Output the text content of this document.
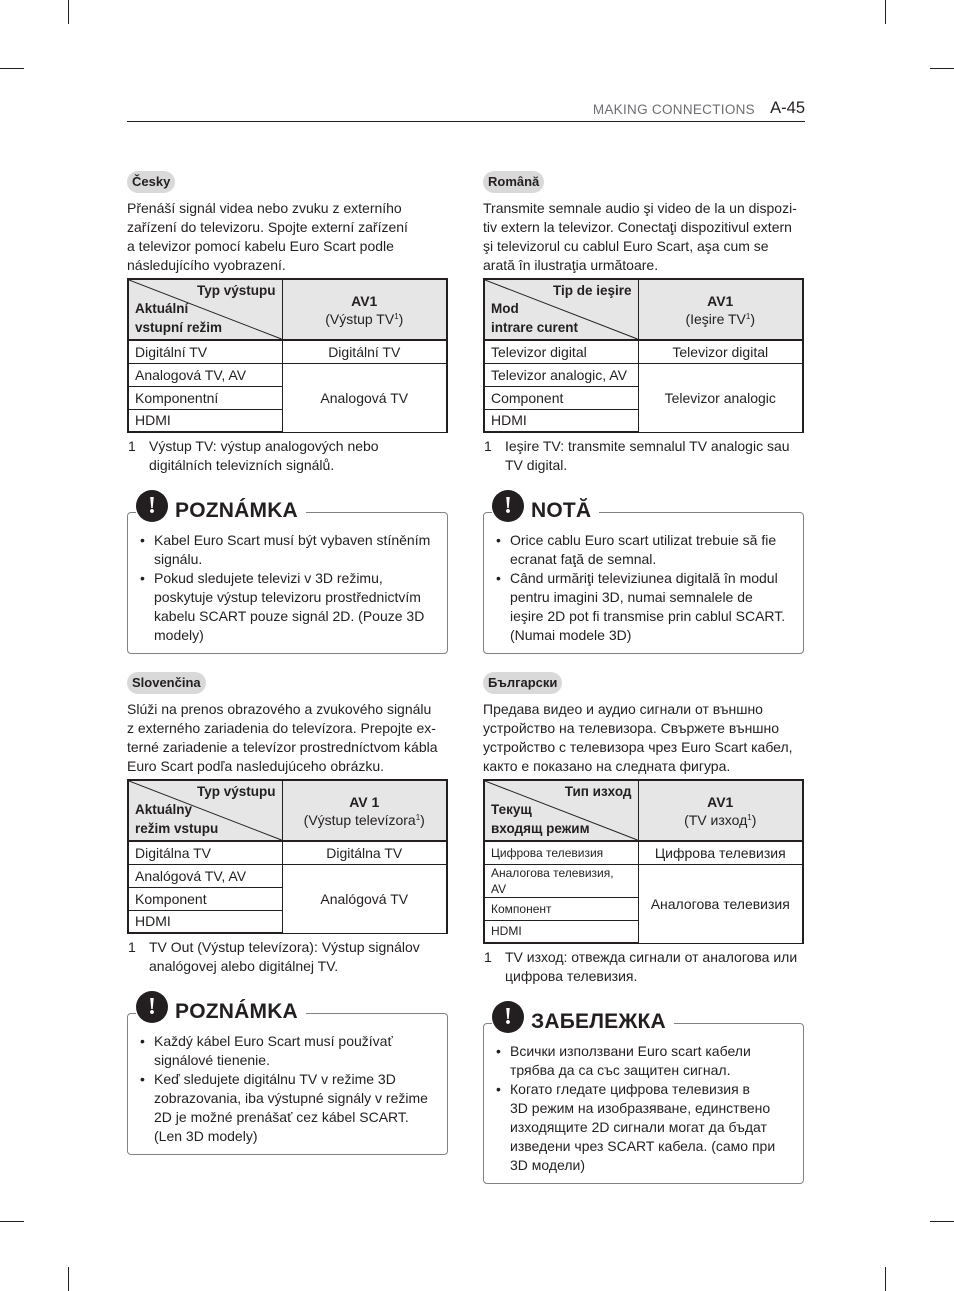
MAKING CONNECTIONS A-45
Česky
Přenáší signál videa nebo zvuku z externího
zařízení do televizoru. Spojte externí zařízení
a televizor pomocí kabelu Euro Scart podle
následujícího vyobrazení.
Typ výstupu
Aktuální
vstupní režim	AV1
(Výstup $TV^1$)
Digitální TV	Digitální TV
Analogová TV, AV	Analogová TV
Komponentní	
HDMI	
1 Výstup TV: výstup analogových nebo
digitálních televizních signálů.
! POZNÁMKA
• Kabel Euro Scart musí být vybaven stíněním
signálu.
• Pokud sledujete televizi v 3D režimu,
poskytuje výstup televizoru prostřednictvím
kabelu SCART pouze signál 2D. (Pouze 3D
modely)
Română
Transmite semnale audio şi video de la un dispozi-
tiv extern la televizor. Conectaţi dispozitivul extern
şi televizorul cu cablul Euro Scart, aşa cum se
arată în ilustraţia următoare.
Tip de ieşire
Mod
intrare curent	AV1
(Ieşire $TV^1$)
Televizor digital	Televizor digital
Televizor analogic, AV	Televizor analogic
Component	
HDMI	
1 Ieşire TV: transmite semnalul TV analogic sau
TV digital.
! NOTĂ
• Orice cablu Euro scart utilizat trebuie să fie
ecranat faţă de semnal.
• Când urmăriţi televiziunea digitală în modul
pentru imagini 3D, numai semnalele de
ieşire 2D pot fi transmise prin cablul SCART.
(Numai modele 3D)
Slovenčina
Slúži na prenos obrazového a zvukového signálu
z externého zariadenia do televízora. Prepojte ex-
terné zariadenie a televízor prostredníctvom kábla
Euro Scart podľa nasledujúceho obrázku.
Typ výstupu
Aktuálny
režim vstupu	AV 1
(Výstup televízora$^1$)
Digitálna TV	Digitálna TV
Analógová TV, AV	Analógová TV
Komponent	
HDMI	
1 TV Out (Výstup televízora): Výstup signálov
analógovej alebo digitálnej TV.
! POZNÁMKA
• Každý kábel Euro Scart musí používať
signálové tienenie.
• Keď sledujete digitálnu TV v režime 3D
zobrazovania, iba výstupné signály v režime
2D je možné prenášať cez kábel SCART.
(Len 3D modely)
Български
Предава видео и аудио сигнали от външно
устройство на телевизора. Свържете външно
устройство с телевизора чрез Euro Scart кабел,
както е показано на следната фигура.
Тип изход
Текущ
входящ режим	AV1
(TV изход$^1$)
Цифрова телевизия	Цифрова телевизия
Аналогова телевизия, AV	Аналогова телевизия
Компонент	
HDMI	
1 TV изход: отвежда сигнали от аналогова или
цифрова телевизия.
! ЗАБЕЛЕЖКА
• Всички използвани Euro scart кабели
трябва да са със защитен сигнал.
• Когато гледате цифрова телевизия в
3D режим на изобразяване, единствено
изходящите 2D сигнали могат да бъдат
изведени чрез SCART кабела. (само при
3D модели)
